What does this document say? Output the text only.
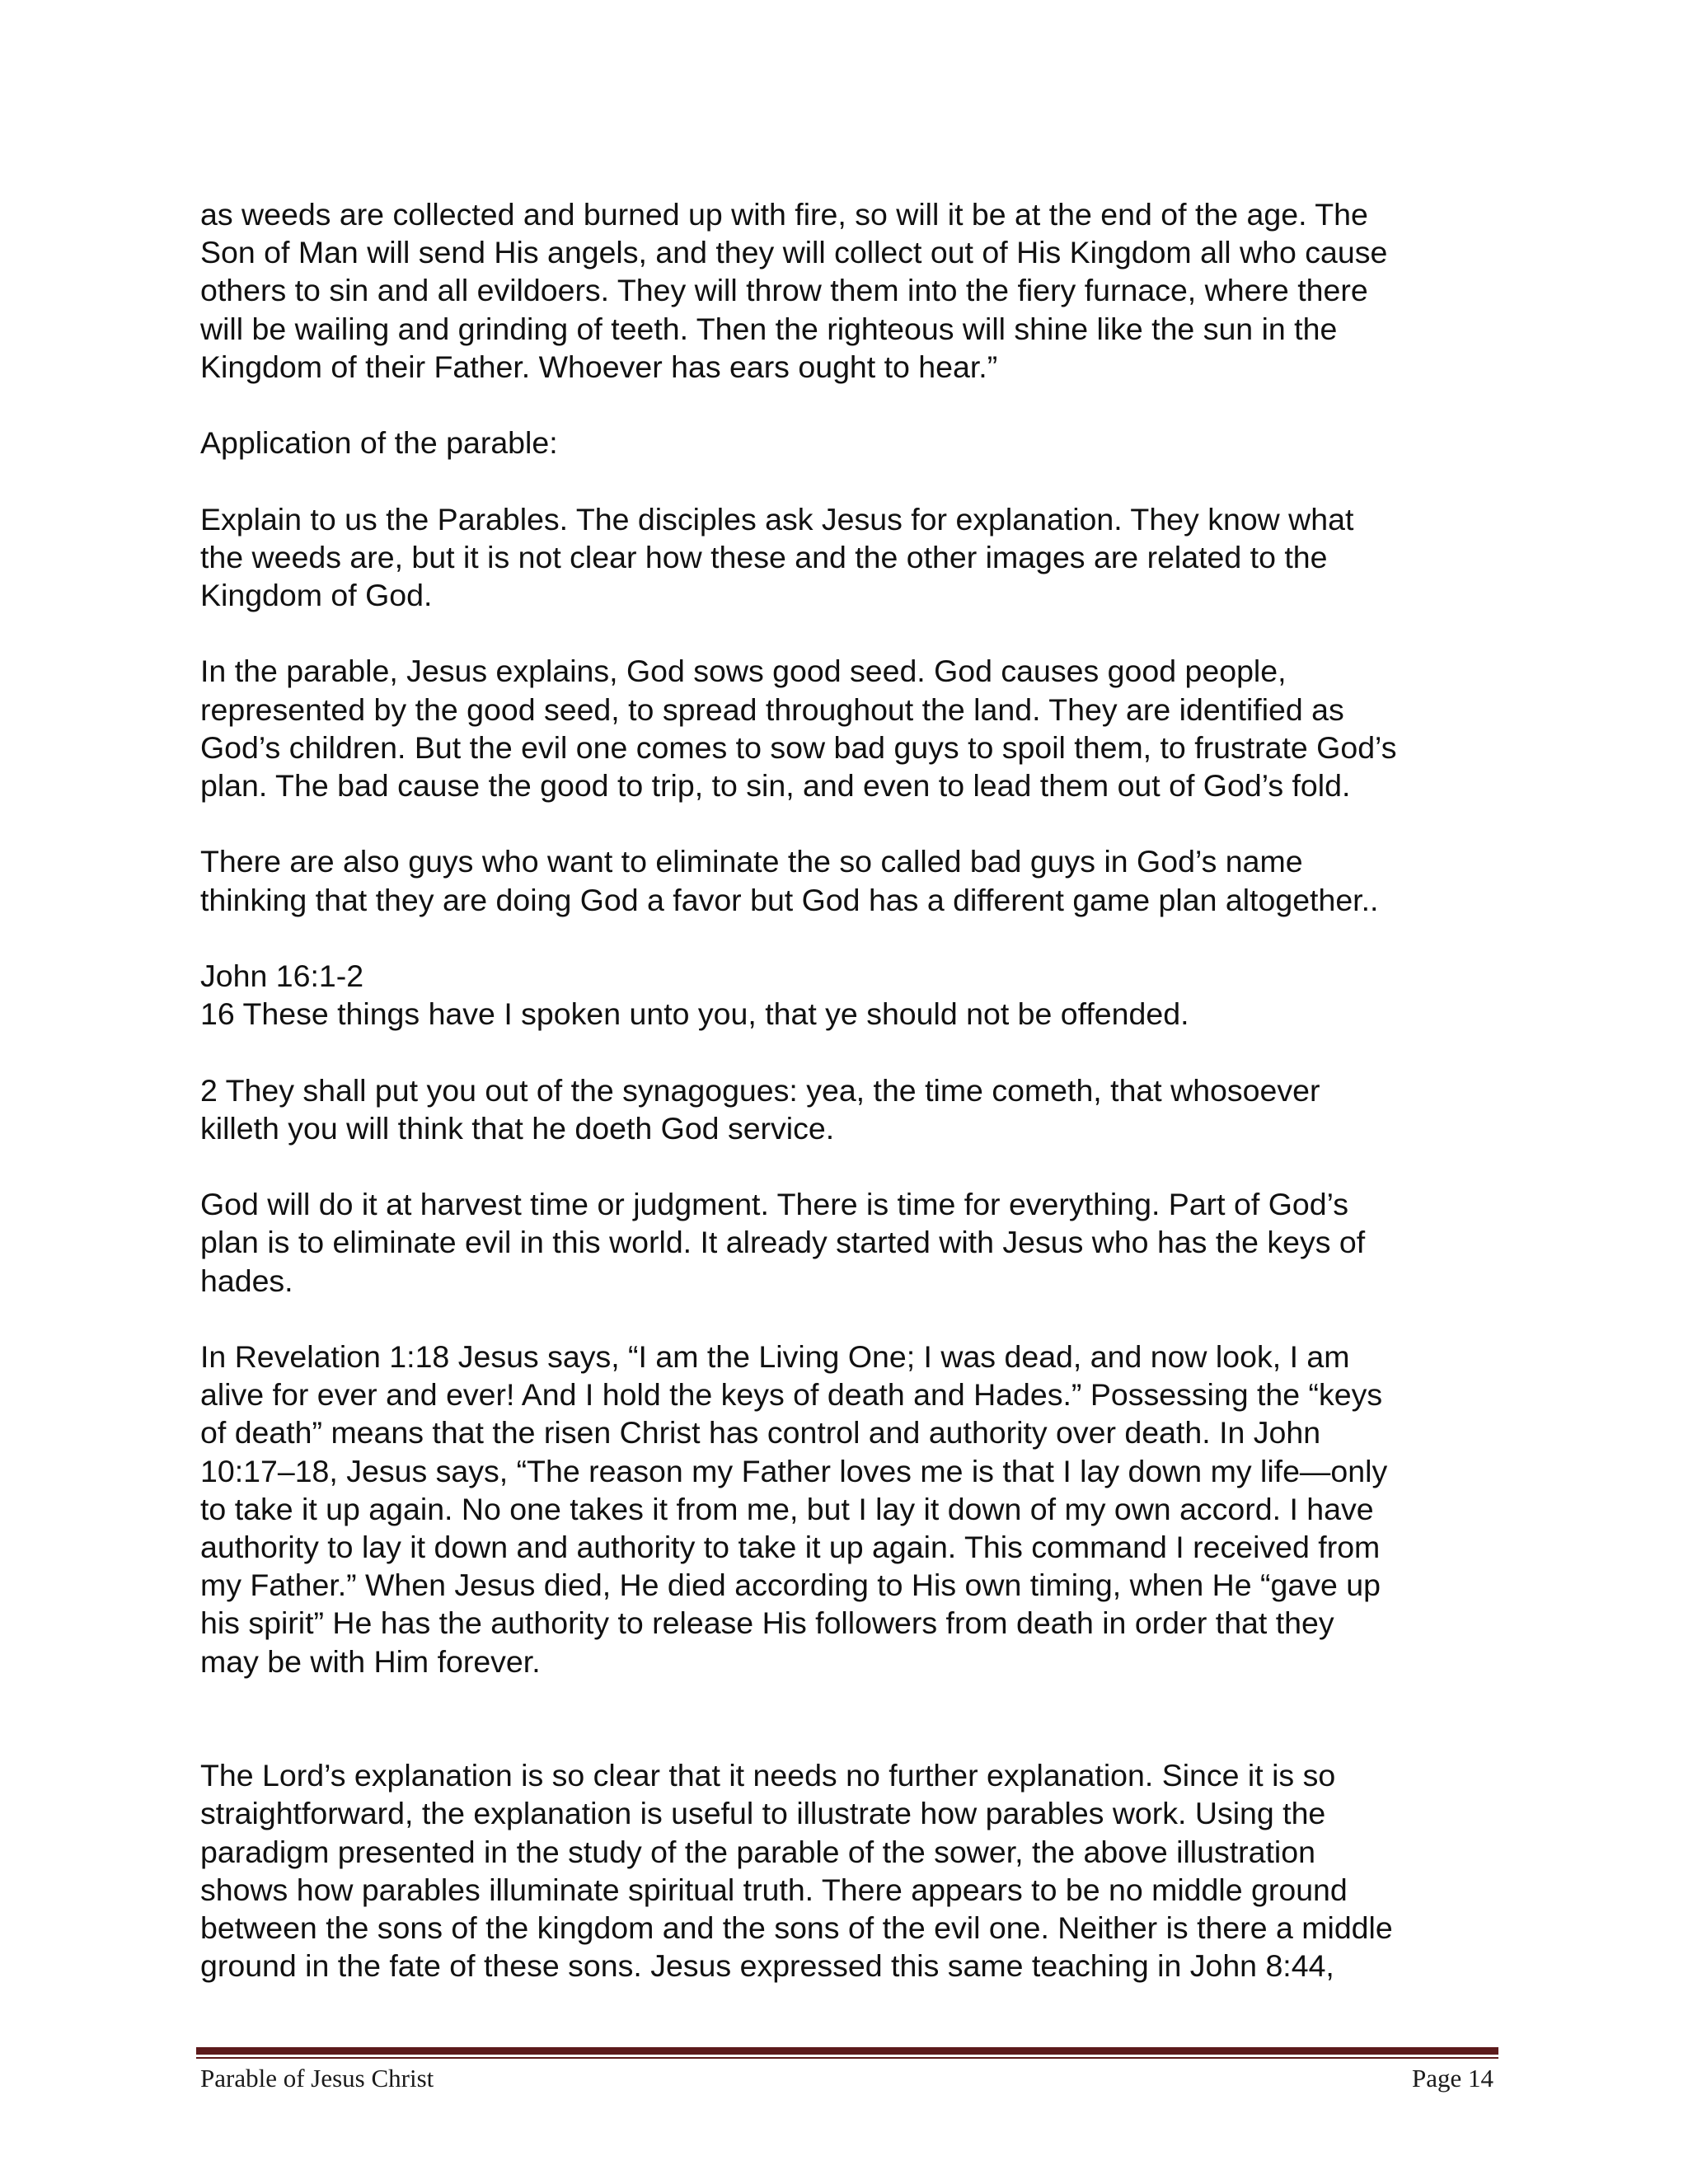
as weeds are collected and burned up with fire, so will it be at the end of the age. The
Son of Man will send His angels, and they will collect out of His Kingdom all who cause
others to sin and all evildoers. They will throw them into the fiery furnace, where there
will be wailing and grinding of teeth. Then the righteous will shine like the sun in the
Kingdom of their Father. Whoever has ears ought to hear.”

Application of the parable:

Explain to us the Parables. The disciples ask Jesus for explanation. They know what
the weeds are, but it is not clear how these and the other images are related to the
Kingdom of God.

In the parable, Jesus explains, God sows good seed. God causes good people,
represented by the good seed, to spread throughout the land. They are identified as
God’s children. But the evil one comes to sow bad guys to spoil them, to frustrate God’s
plan. The bad cause the good to trip, to sin, and even to lead them out of God’s fold.

There are also guys who want to eliminate the so called bad guys in God’s name
thinking that they are doing God a favor but God has a different game plan altogether..

John 16:1-2

16 These things have I spoken unto you, that ye should not be offended.

2 They shall put you out of the synagogues: yea, the time cometh, that whosoever
killeth you will think that he doeth God service.

God will do it at harvest time or judgment. There is time for everything. Part of God’s
plan is to eliminate evil in this world. It already started with Jesus who has the keys of
hades.

In Revelation 1:18 Jesus says, “I am the Living One; I was dead, and now look, I am
alive for ever and ever! And I hold the keys of death and Hades.” Possessing the “keys
of death” means that the risen Christ has control and authority over death. In John
10:17–18, Jesus says, “The reason my Father loves me is that I lay down my life—only
to take it up again. No one takes it from me, but I lay it down of my own accord. I have
authority to lay it down and authority to take it up again. This command I received from
my Father.” When Jesus died, He died according to His own timing, when He “gave up
his spirit” He has the authority to release His followers from death in order that they
may be with Him forever.

The Lord’s explanation is so clear that it needs no further explanation. Since it is so
straightforward, the explanation is useful to illustrate how parables work. Using the
paradigm presented in the study of the parable of the sower, the above illustration
shows how parables illuminate spiritual truth. There appears to be no middle ground
between the sons of the kingdom and the sons of the evil one. Neither is there a middle
ground in the fate of these sons. Jesus expressed this same teaching in John 8:44,

Parable of Jesus Christ	Page 14
